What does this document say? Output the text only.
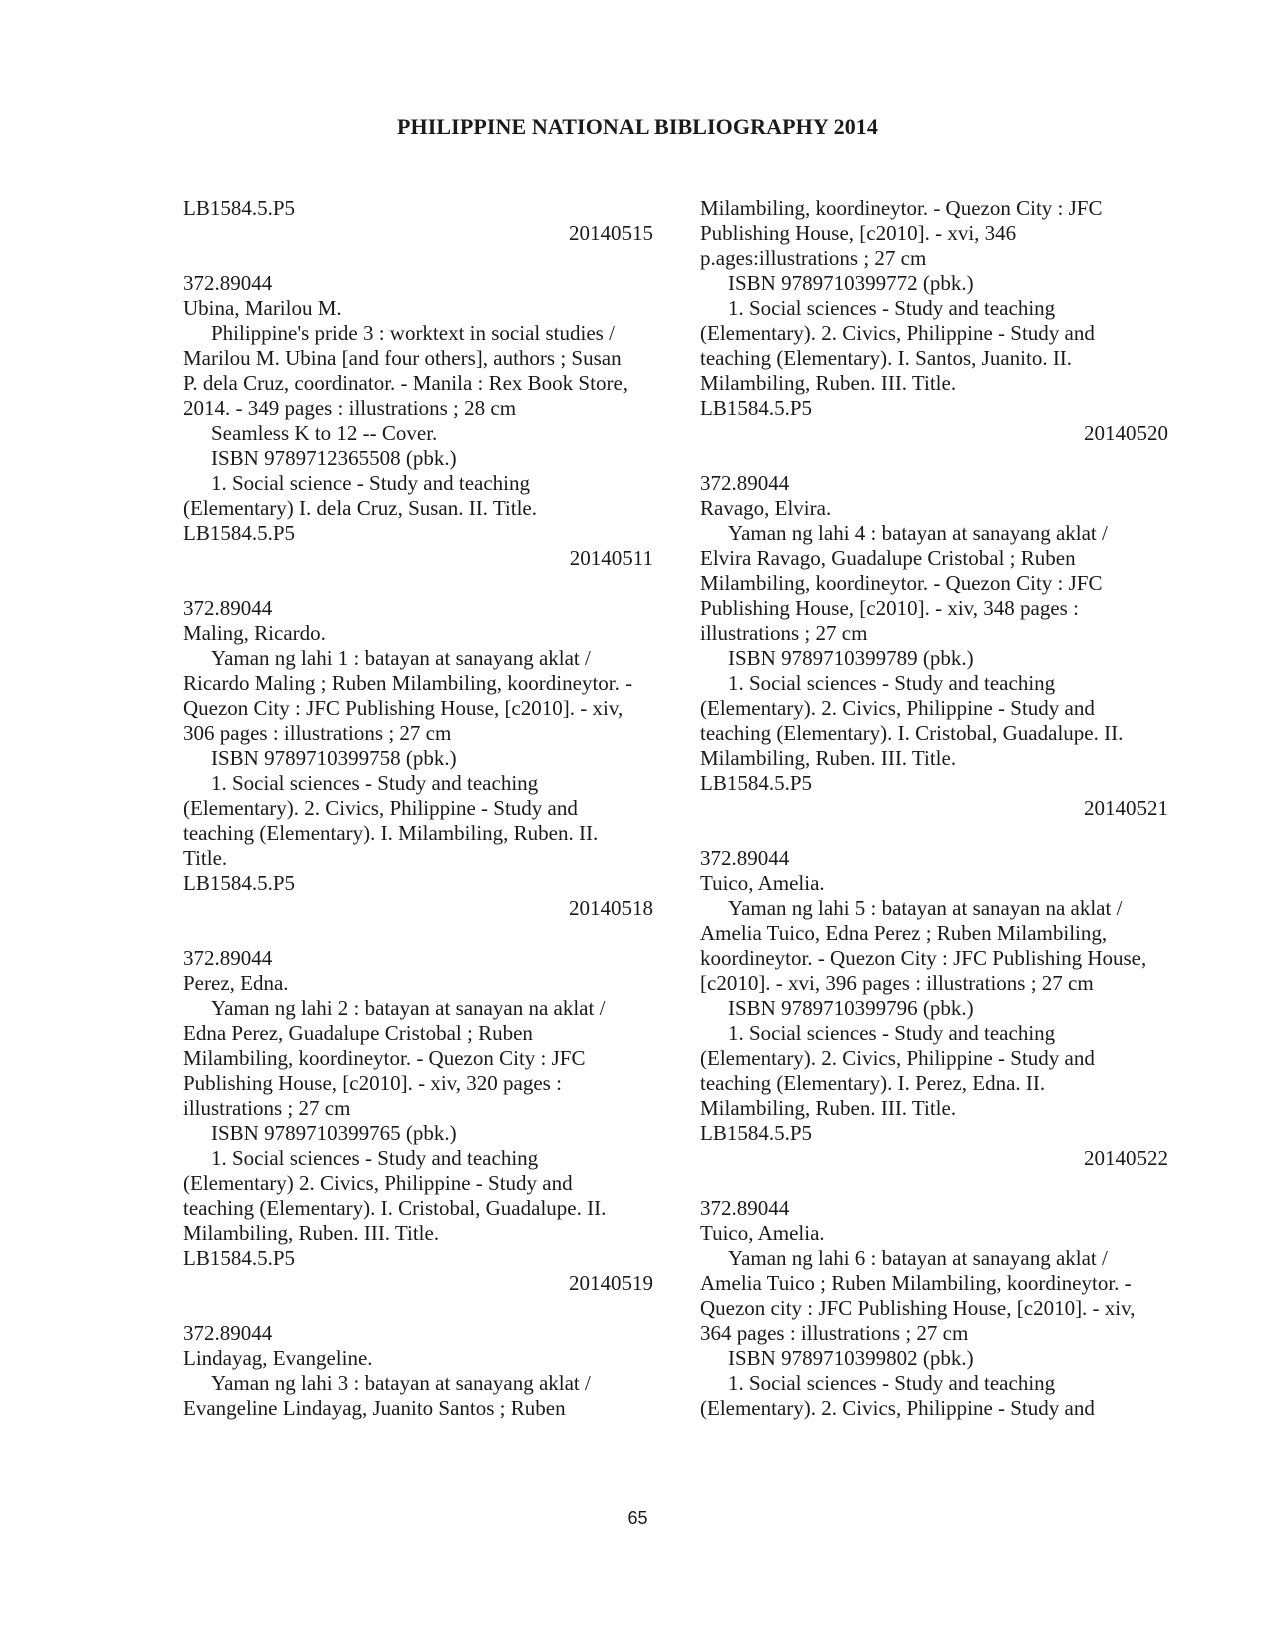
PHILIPPINE NATIONAL BIBLIOGRAPHY 2014
LB1584.5.P5
20140515
372.89044
Ubina, Marilou M.
Philippine's pride 3 : worktext in social studies /
Marilou M. Ubina [and four others], authors ; Susan
P. dela Cruz, coordinator. - Manila : Rex Book Store,
2014. - 349 pages : illustrations ; 28 cm
Seamless K to 12 -- Cover.
ISBN 9789712365508 (pbk.)
1. Social science - Study and teaching
(Elementary) I. dela Cruz, Susan. II. Title.
LB1584.5.P5
20140511
372.89044
Maling, Ricardo.
Yaman ng lahi 1 : batayan at sanayang aklat /
Ricardo Maling ; Ruben Milambiling, koordineytor. -
Quezon City : JFC Publishing House, [c2010]. - xiv,
306 pages : illustrations ; 27 cm
ISBN 9789710399758 (pbk.)
1. Social sciences - Study and teaching
(Elementary). 2. Civics, Philippine - Study and
teaching (Elementary). I. Milambiling, Ruben. II.
Title.
LB1584.5.P5
20140518
372.89044
Perez, Edna.
Yaman ng lahi 2 : batayan at sanayan na aklat /
Edna Perez, Guadalupe Cristobal ; Ruben
Milambiling, koordineytor. - Quezon City : JFC
Publishing House, [c2010]. - xiv, 320 pages :
illustrations ; 27 cm
ISBN 9789710399765 (pbk.)
1. Social sciences - Study and teaching
(Elementary) 2. Civics, Philippine - Study and
teaching (Elementary). I. Cristobal, Guadalupe. II.
Milambiling, Ruben. III. Title.
LB1584.5.P5
20140519
372.89044
Lindayag, Evangeline.
Yaman ng lahi 3 : batayan at sanayang aklat /
Evangeline Lindayag, Juanito Santos ; Ruben
Milambiling, koordineytor. - Quezon City : JFC
Publishing House, [c2010]. - xvi, 346
p.ages:illustrations ; 27 cm
ISBN 9789710399772 (pbk.)
1. Social sciences - Study and teaching
(Elementary). 2. Civics, Philippine - Study and
teaching (Elementary). I. Santos, Juanito. II.
Milambiling, Ruben. III. Title.
LB1584.5.P5
20140520
372.89044
Ravago, Elvira.
Yaman ng lahi 4 : batayan at sanayang aklat /
Elvira Ravago, Guadalupe Cristobal ; Ruben
Milambiling, koordineytor. - Quezon City : JFC
Publishing House, [c2010]. - xiv, 348 pages :
illustrations ; 27 cm
ISBN 9789710399789 (pbk.)
1. Social sciences - Study and teaching
(Elementary). 2. Civics, Philippine - Study and
teaching (Elementary). I. Cristobal, Guadalupe. II.
Milambiling, Ruben. III. Title.
LB1584.5.P5
20140521
372.89044
Tuico, Amelia.
Yaman ng lahi 5 : batayan at sanayan na aklat /
Amelia Tuico, Edna Perez ; Ruben Milambiling,
koordineytor. - Quezon City : JFC Publishing House,
[c2010]. - xvi, 396 pages : illustrations ; 27 cm
ISBN 9789710399796 (pbk.)
1. Social sciences - Study and teaching
(Elementary). 2. Civics, Philippine - Study and
teaching (Elementary). I. Perez, Edna. II.
Milambiling, Ruben. III. Title.
LB1584.5.P5
20140522
372.89044
Tuico, Amelia.
Yaman ng lahi 6 : batayan at sanayang aklat /
Amelia Tuico ; Ruben Milambiling, koordineytor. -
Quezon city : JFC Publishing House, [c2010]. - xiv,
364 pages : illustrations ; 27 cm
ISBN 9789710399802 (pbk.)
1. Social sciences - Study and teaching
(Elementary). 2. Civics, Philippine - Study and
65
